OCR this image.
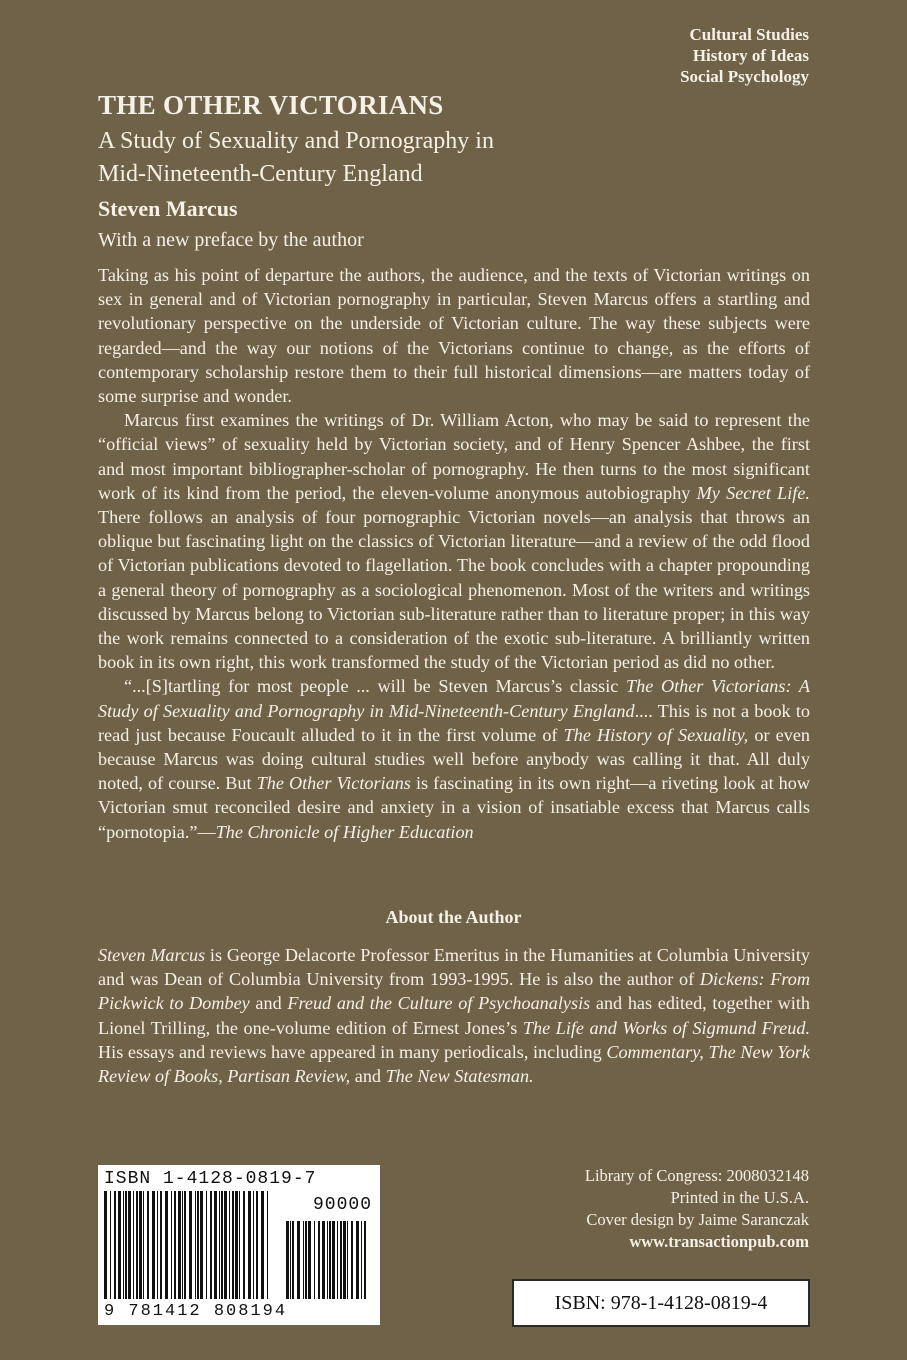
Cultural Studies
History of Ideas
Social Psychology
THE OTHER VICTORIANS
A Study of Sexuality and Pornography in
Mid-Nineteenth-Century England
Steven Marcus
With a new preface by the author

Taking as his point of departure the authors, the audience, and the texts of Victorian writings on sex in general and of Victorian pornography in particular, Steven Marcus offers a startling and revolutionary perspective on the underside of Victorian culture. The way these subjects were regarded—and the way our notions of the Victorians continue to change, as the efforts of contemporary scholarship restore them to their full historical dimensions—are matters today of some surprise and wonder.

Marcus first examines the writings of Dr. William Acton, who may be said to represent the “official views” of sexuality held by Victorian society, and of Henry Spencer Ashbee, the first and most important bibliographer-scholar of pornography. He then turns to the most significant work of its kind from the period, the eleven-volume anonymous autobiography My Secret Life. There follows an analysis of four pornographic Victorian novels—an analysis that throws an oblique but fascinating light on the classics of Victorian literature—and a review of the odd flood of Victorian publications devoted to flagellation. The book concludes with a chapter propounding a general theory of pornography as a sociological phenomenon. Most of the writers and writings discussed by Marcus belong to Victorian sub-literature rather than to literature proper; in this way the work remains connected to a consideration of the exotic sub-literature. A brilliantly written book in its own right, this work transformed the study of the Victorian period as did no other.

“...[S]tartling for most people ... will be Steven Marcus’s classic The Other Victorians: A Study of Sexuality and Pornography in Mid-Nineteenth-Century England.... This is not a book to read just because Foucault alluded to it in the first volume of The History of Sexuality, or even because Marcus was doing cultural studies well before anybody was calling it that. All duly noted, of course. But The Other Victorians is fascinating in its own right—a riveting look at how Victorian smut reconciled desire and anxiety in a vision of insatiable excess that Marcus calls “pornotopia.”—The Chronicle of Higher Education

About the Author

Steven Marcus is George Delacorte Professor Emeritus in the Humanities at Columbia University and was Dean of Columbia University from 1993-1995. He is also the author of Dickens: From Pickwick to Dombey and Freud and the Culture of Psychoanalysis and has edited, together with Lionel Trilling, the one-volume edition of Ernest Jones’s The Life and Works of Sigmund Freud. His essays and reviews have appeared in many periodicals, including Commentary, The New York Review of Books, Partisan Review, and The New Statesman.

ISBN 1-4128-0819-7
90000
9 781412 808194
Library of Congress: 2008032148
Printed in the U.S.A.
Cover design by Jaime Saranczak
www.transactionpub.com
ISBN: 978-1-4128-0819-4
